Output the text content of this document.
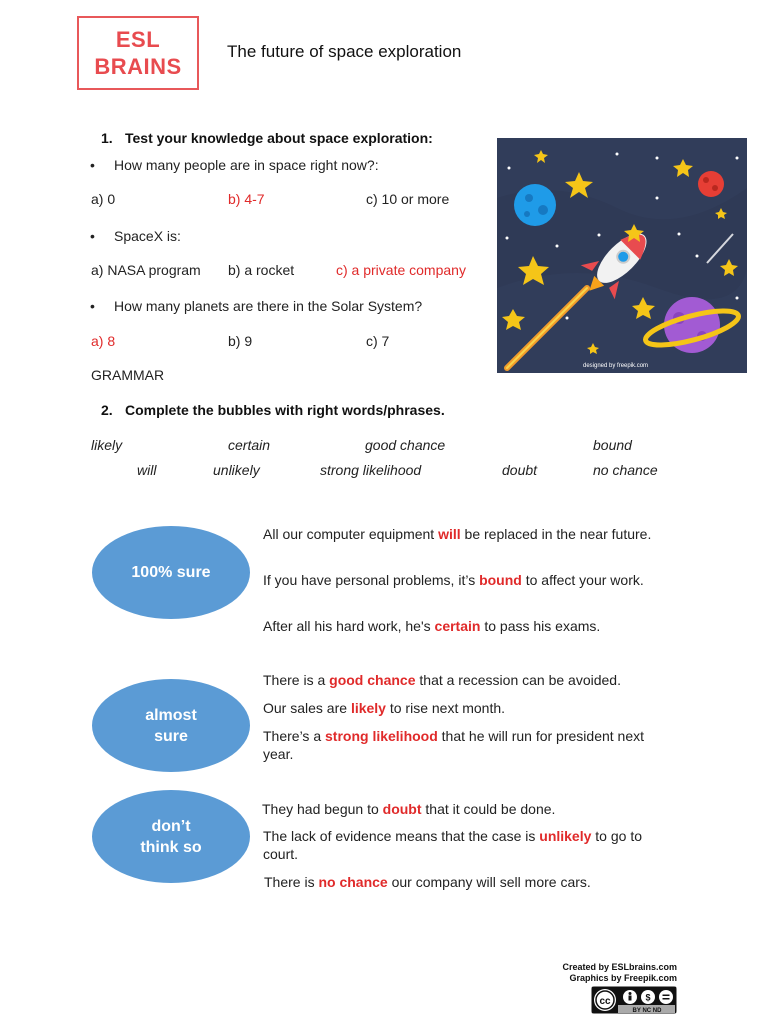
ESL
BRAINS
The future of space exploration
1. Test your knowledge about space exploration:
• How many people are in space right now?:
a) 0	b) 4-7	c) 10 or more
• SpaceX is:
a) NASA program b) a rocket	c) a private company
• How many planets are there in the Solar System?
a) 8	b) 9	c) 7
GRAMMAR
2. Complete the bubbles with right words/phrases.
likely	certain	good chance	bound
will	unlikely	strong likelihood	doubt	no chance
100% sure
All our computer equipment will be replaced in the near future.
If you have personal problems, it’s bound to affect your work.
After all his hard work, he's certain to pass his exams.
almost
sure
There is a good chance that a recession can be avoided.
Our sales are likely to rise next month.
There’s a strong likelihood that he will run for president next year.
don’t
think so
They had begun to doubt that it could be done.
The lack of evidence means that the case is unlikely to go to court.
There is no chance our company will sell more cars.
designed by freepik.com
Created by ESLbrains.com
Graphics by Freepik.com
cc	$
BY NC ND
